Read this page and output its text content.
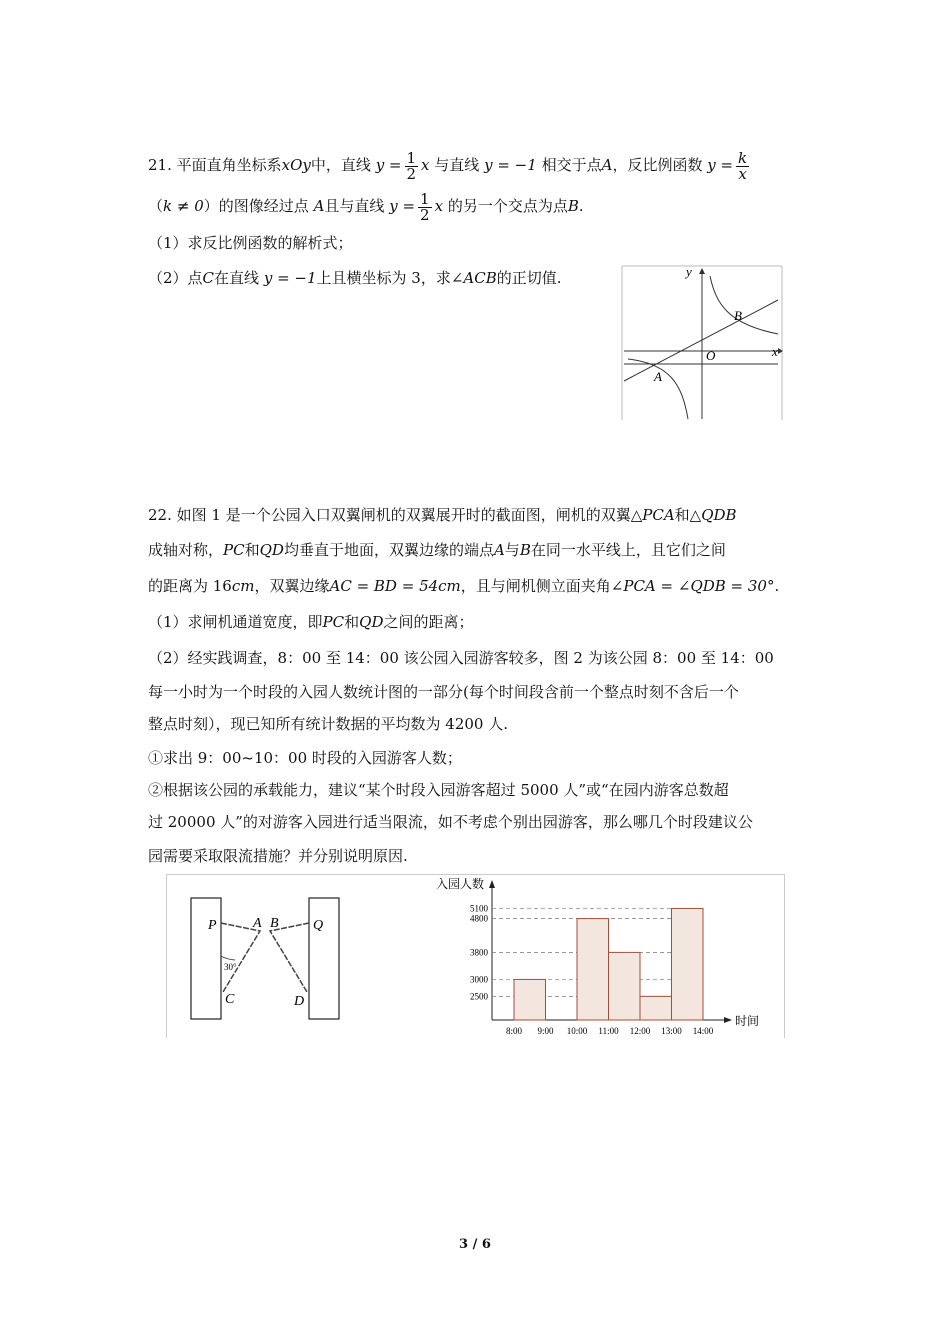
21. 平面直角坐标系xOy中，直线 $y = \frac{1}{2}$ x 与直线 y = −1 相交于点A，反比例函数 $y = \frac{k}{x}$
（k ≠ 0）的图像经过点 A且与直线 $y = \frac{1}{2}$ x 的另一个交点为点B.
（1）求反比例函数的解析式；
（2）点C在直线 y = −1上且横坐标为 3，求∠ACB的正切值.	y
x
O
A
B
22. 如图 1 是一个公园入口双翼闸机的双翼展开时的截面图，闸机的双翼△PCA和△QDB
成轴对称，PC和QD均垂直于地面，双翼边缘的端点A与B在同一水平线上，且它们之间
的距离为 16cm，双翼边缘AC = BD = 54cm，且与闸机侧立面夹角∠PCA = ∠QDB = 30°.
（1）求闸机通道宽度，即PC和QD之间的距离；
（2）经实践调查，8：00 至 14：00 该公园入园游客较多，图 2 为该公园 8：00 至 14：00
每一小时为一个时段的入园人数统计图的一部分(每个时间段含前一个整点时刻不含后一个
整点时刻），现已知所有统计数据的平均数为 4200 人.
①求出 9：00~10：00 时段的入园游客人数；
②根据该公园的承载能力，建议“某个时段入园游客超过 5000 人”或“在园内游客总数超
过 20000 人”的对游客入园进行适当限流，如不考虑个别出园游客，那么哪几个时段建议公
园需要采取限流措施？并分别说明原因.
P	A B Q
C	D
30°
入园人数
时间
2500
3000
3800
4800
5100
8:00 9:00 10:00 11:00 12:00 13:00 14:00
3 / 6
